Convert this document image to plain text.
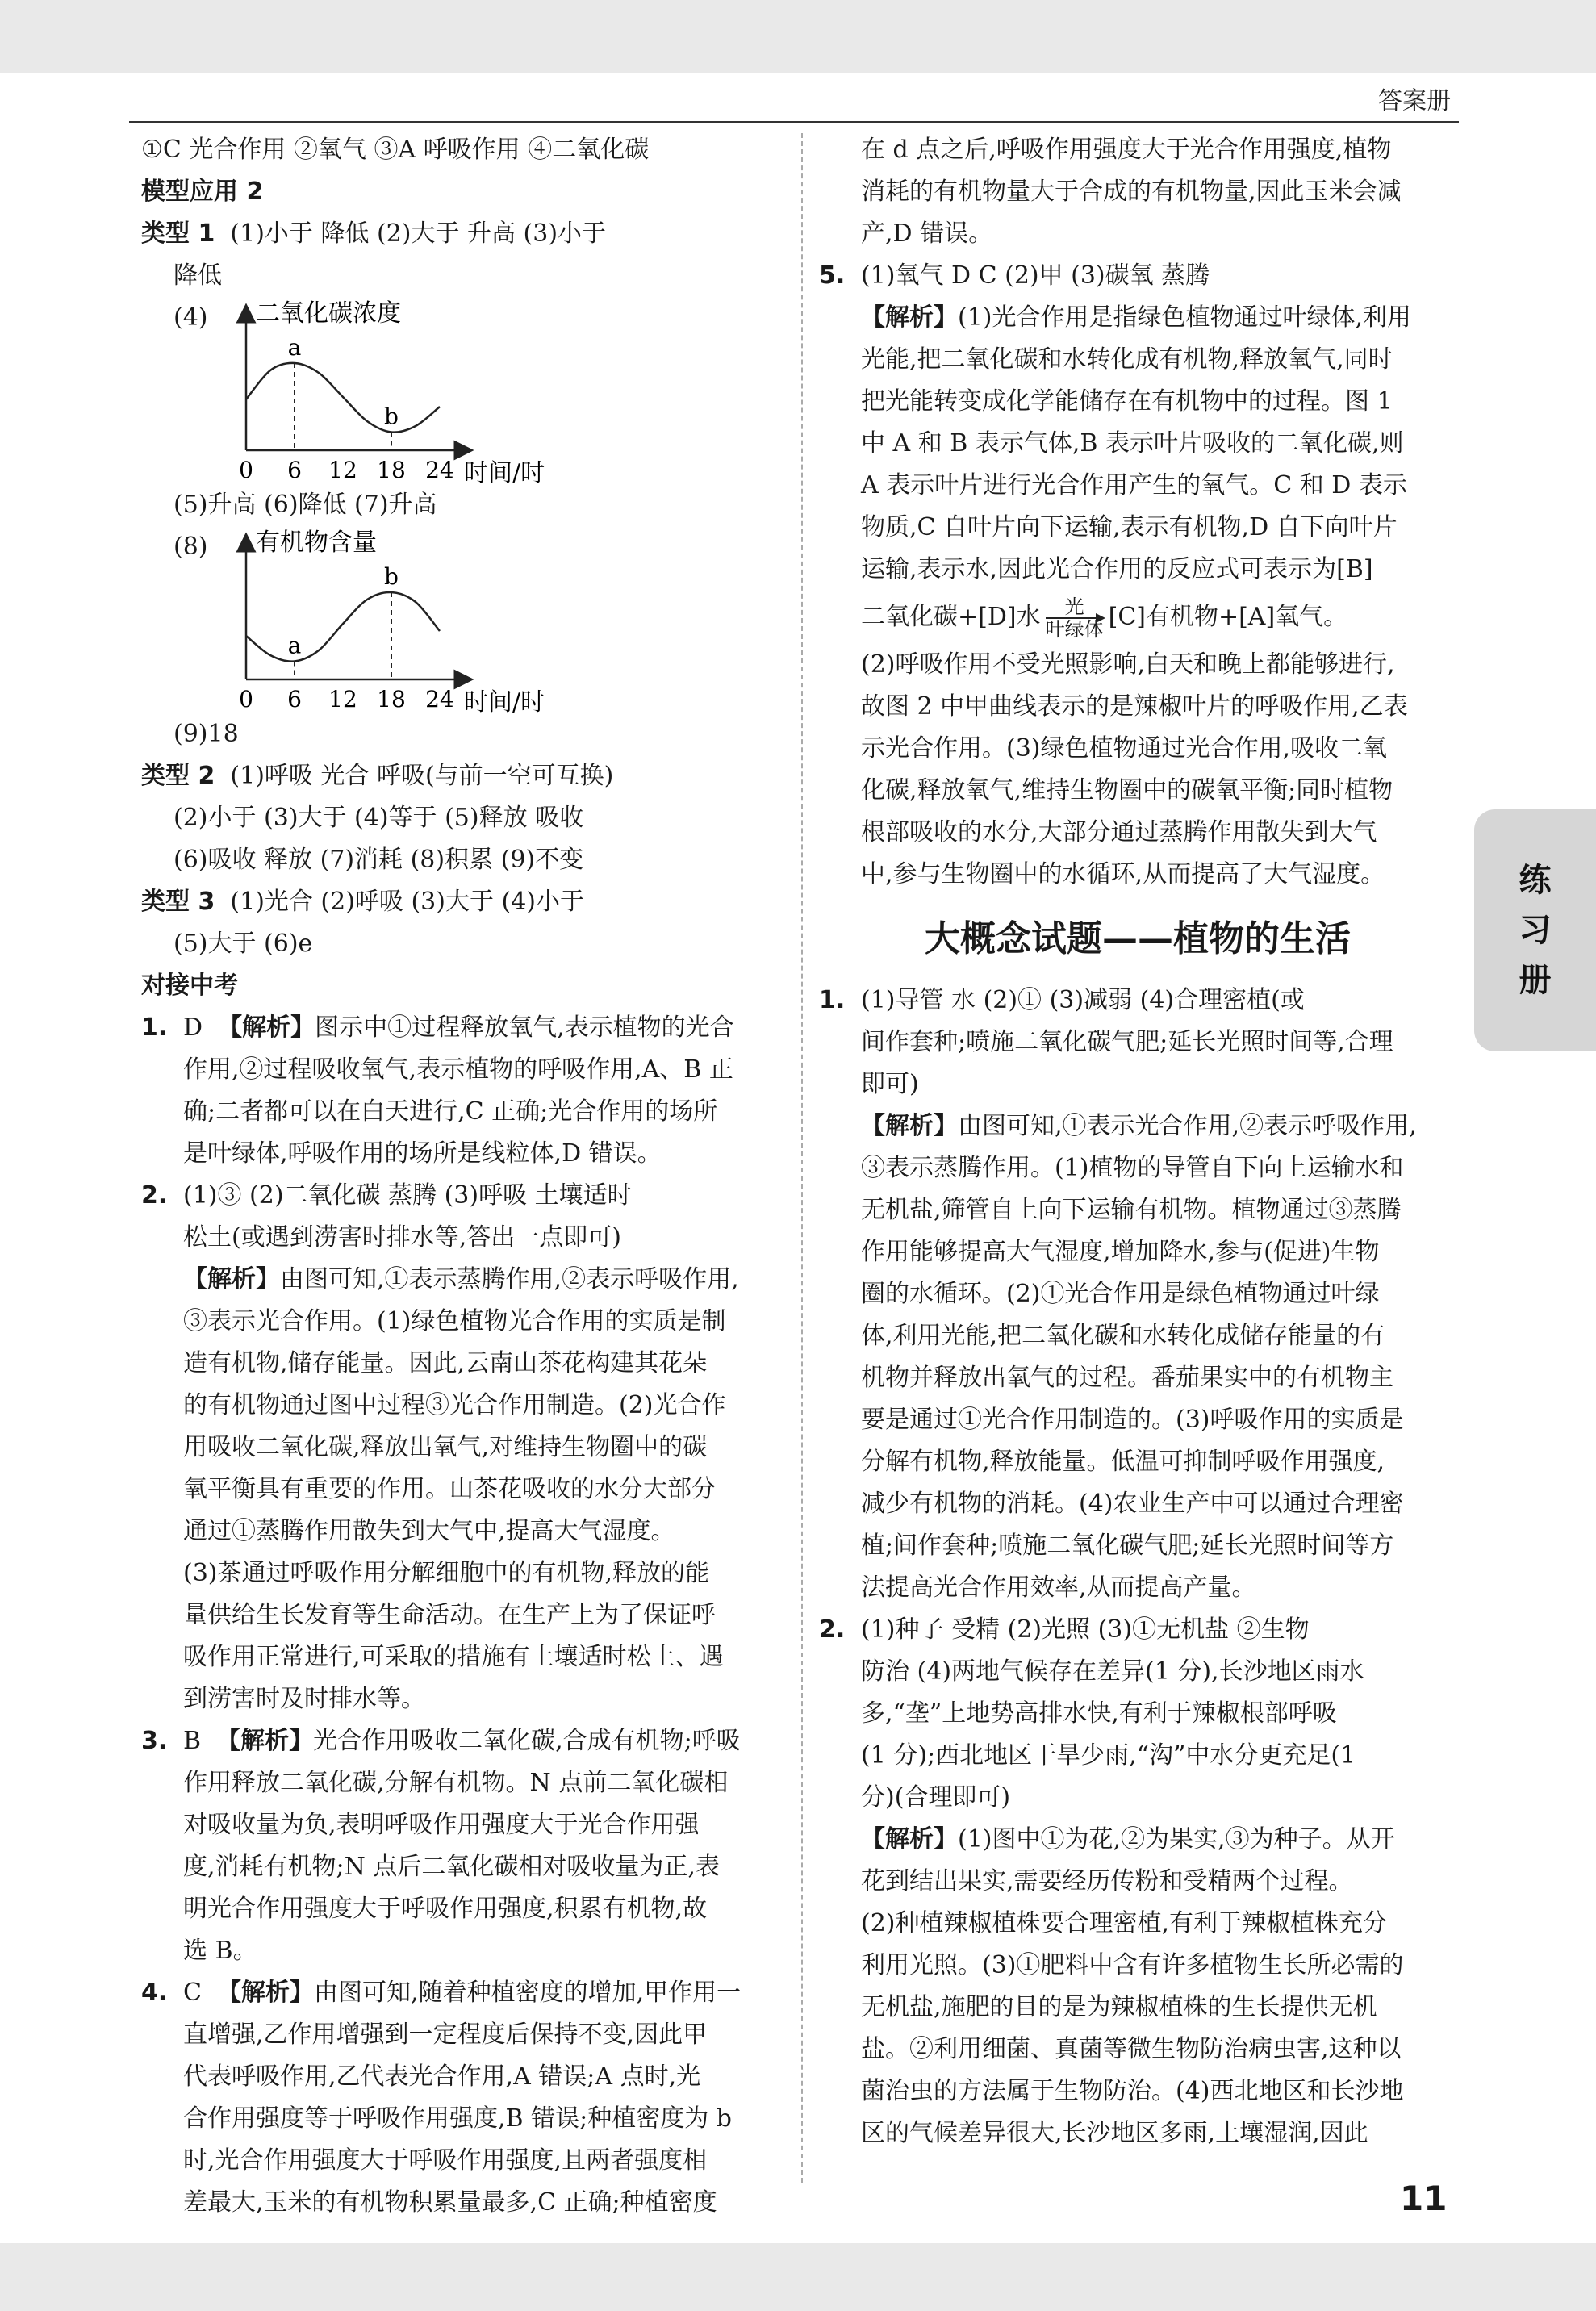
答案册
①C 光合作用 ②氧气 ③A 呼吸作用 ④二氧化碳
模型应用 2
类型 1 (1)小于 降低 (2)大于 升高 (3)小于
降低
(4) 二氧化碳浓度
0 6 12 18 24
a
b
时间/时
(5)升高 (6)降低 (7)升高
(8) 有机物含量
0 6 12 18 24
a
b
时间/时
(9)18
类型 2 (1)呼吸 光合 呼吸(与前一空可互换)
(2)小于 (3)大于 (4)等于 (5)释放 吸收
(6)吸收 释放 (7)消耗 (8)积累 (9)不变
类型 3 (1)光合 (2)呼吸 (3)大于 (4)小于
(5)大于 (6)e
对接中考
1. D 【解析】图示中①过程释放氧气,表示植物的光合
作用,②过程吸收氧气,表示植物的呼吸作用,A、B 正
确;二者都可以在白天进行,C 正确;光合作用的场所
是叶绿体,呼吸作用的场所是线粒体,D 错误。
2. (1)③ (2)二氧化碳 蒸腾 (3)呼吸 土壤适时
松土(或遇到涝害时排水等,答出一点即可)
【解析】由图可知,①表示蒸腾作用,②表示呼吸作用,
③表示光合作用。(1)绿色植物光合作用的实质是制
造有机物,储存能量。因此,云南山茶花构建其花朵
的有机物通过图中过程③光合作用制造。(2)光合作
用吸收二氧化碳,释放出氧气,对维持生物圈中的碳
氧平衡具有重要的作用。山茶花吸收的水分大部分
通过①蒸腾作用散失到大气中,提高大气湿度。
(3)茶通过呼吸作用分解细胞中的有机物,释放的能
量供给生长发育等生命活动。在生产上为了保证呼
吸作用正常进行,可采取的措施有土壤适时松土、遇
到涝害时及时排水等。
3. B 【解析】光合作用吸收二氧化碳,合成有机物;呼吸
作用释放二氧化碳,分解有机物。N 点前二氧化碳相
对吸收量为负,表明呼吸作用强度大于光合作用强
度,消耗有机物;N 点后二氧化碳相对吸收量为正,表
明光合作用强度大于呼吸作用强度,积累有机物,故
选 B。
4. C 【解析】由图可知,随着种植密度的增加,甲作用一
直增强,乙作用增强到一定程度后保持不变,因此甲
代表呼吸作用,乙代表光合作用,A 错误;A 点时,光
合作用强度等于呼吸作用强度,B 错误;种植密度为 b
时,光合作用强度大于呼吸作用强度,且两者强度相
差最大,玉米的有机物积累量最多,C 正确;种植密度
在 d 点之后,呼吸作用强度大于光合作用强度,植物
消耗的有机物量大于合成的有机物量,因此玉米会减
产,D 错误。
5. (1)氧气 D C (2)甲 (3)碳氧 蒸腾
【解析】(1)光合作用是指绿色植物通过叶绿体,利用
光能,把二氧化碳和水转化成有机物,释放氧气,同时
把光能转变成化学能储存在有机物中的过程。图 1
中 A 和 B 表示气体,B 表示叶片吸收的二氧化碳,则
A 表示叶片进行光合作用产生的氧气。C 和 D 表示
物质,C 自叶片向下运输,表示有机物,D 自下向叶片
运输,表示水,因此光合作用的反应式可表示为[B]
二氧化碳+[D]水 $\frac{\text{光}}{\text{叶绿体}} [C]$有机物+[A]氧气。
(2)呼吸作用不受光照影响,白天和晚上都能够进行,
故图 2 中甲曲线表示的是辣椒叶片的呼吸作用,乙表
示光合作用。(3)绿色植物通过光合作用,吸收二氧
化碳,释放氧气,维持生物圈中的碳氧平衡;同时植物
根部吸收的水分,大部分通过蒸腾作用散失到大气
中,参与生物圈中的水循环,从而提高了大气湿度。
大概念试题——植物的生活
1. (1)导管 水 (2)① (3)减弱 (4)合理密植(或
间作套种;喷施二氧化碳气肥;延长光照时间等,合理
即可)
【解析】由图可知,①表示光合作用,②表示呼吸作用,
③表示蒸腾作用。(1)植物的导管自下向上运输水和
无机盐,筛管自上向下运输有机物。植物通过③蒸腾
作用能够提高大气湿度,增加降水,参与(促进)生物
圈的水循环。(2)①光合作用是绿色植物通过叶绿
体,利用光能,把二氧化碳和水转化成储存能量的有
机物并释放出氧气的过程。番茄果实中的有机物主
要是通过①光合作用制造的。(3)呼吸作用的实质是
分解有机物,释放能量。低温可抑制呼吸作用强度,
减少有机物的消耗。(4)农业生产中可以通过合理密
植;间作套种;喷施二氧化碳气肥;延长光照时间等方
法提高光合作用效率,从而提高产量。
2. (1)种子 受精 (2)光照 (3)①无机盐 ②生物
防治 (4)两地气候存在差异(1 分),长沙地区雨水
多,“垄”上地势高排水快,有利于辣椒根部呼吸
(1 分);西北地区干旱少雨,“沟”中水分更充足(1
分)(合理即可)
【解析】(1)图中①为花,②为果实,③为种子。从开
花到结出果实,需要经历传粉和受精两个过程。
(2)种植辣椒植株要合理密植,有利于辣椒植株充分
利用光照。(3)①肥料中含有许多植物生长所必需的
无机盐,施肥的目的是为辣椒植株的生长提供无机
盐。②利用细菌、真菌等微生物防治病虫害,这种以
菌治虫的方法属于生物防治。(4)西北地区和长沙地
区的气候差异很大,长沙地区多雨,土壤湿润,因此
练
习
册
11
